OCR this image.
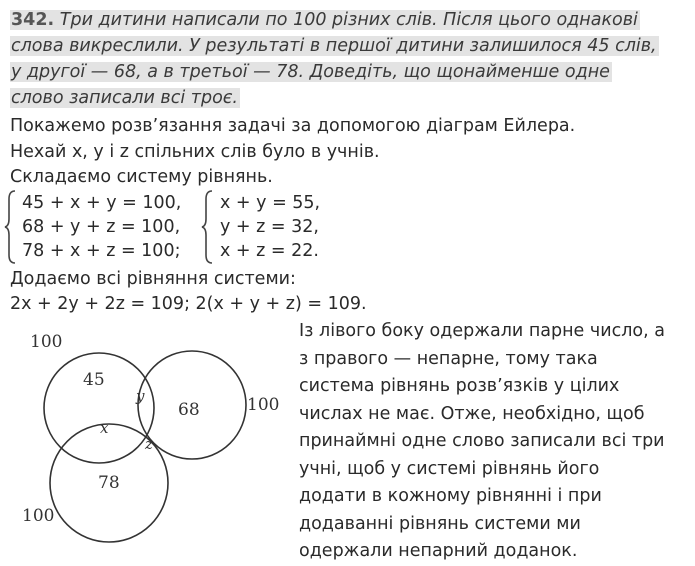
342. Три дитини написали по 100 різних слів. Після цього однакові
слова викреслили. У результаті в першої дитини залишилося 45 слів,
у другої — 68, а в третьої — 78. Доведіть, що щонайменше одне
слово записали всі троє.
Покажемо розв’язання задачі за допомогою діаграм Ейлера.
Нехай x, y і z спільних слів було в учнів.
Складаємо систему рівнянь.
45 + x + y = 100,
68 + y + z = 100,
78 + x + z = 100;
x + y = 55,
y + z = 32,
x + z = 22.
Додаємо всі рівняння системи:
2x + 2y + 2z = 109; 2(x + y + z) = 109.
100
100
100
45
68
78
y
x
z
Із лівого боку одержали парне число, а
з правого — непарне, тому така
система рівнянь розв’язків у цілих
числах не має. Отже, необхідно, щоб
принаймні одне слово записали всі три
учні, щоб у системі рівнянь його
додати в кожному рівнянні і при
додаванні рівнянь системи ми
одержали непарний доданок.
